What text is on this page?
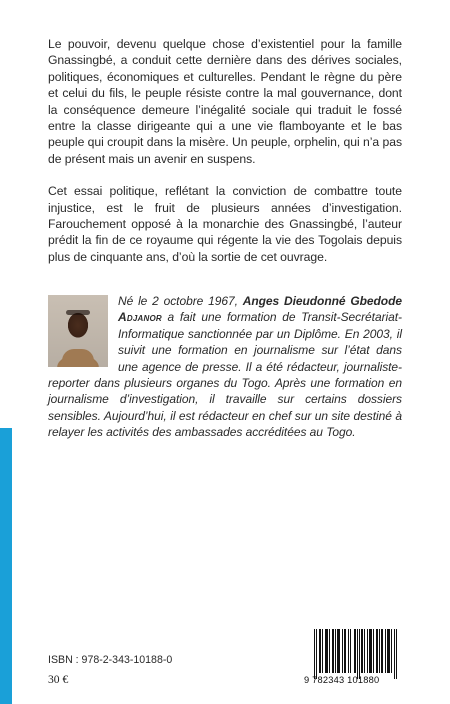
Le pouvoir, devenu quelque chose d’existentiel pour la famille Gnassingbé, a conduit cette dernière dans des dérives sociales, politiques, économiques et culturelles. Pendant le règne du père et celui du fils, le peuple résiste contre la mal gouvernance, dont la conséquence demeure l’inégalité sociale qui traduit le fossé entre la classe dirigeante qui a une vie flamboyante et le bas peuple qui croupit dans la misère. Un peuple, orphelin, qui n’a pas de présent mais un avenir en suspens.

Cet essai politique, reflétant la conviction de combattre toute injustice, est le fruit de plusieurs années d’investigation. Farouchement opposé à la monarchie des Gnassingbé, l’auteur prédit la fin de ce royaume qui régente la vie des Togolais depuis plus de cinquante ans, d’où la sortie de cet ouvrage.

Né le 2 octobre 1967, Anges Dieudonné Gbedode Adjanor a fait une formation de Transit-Secrétariat-Informatique sanctionnée par un Diplôme. En 2003, il suivit une formation en journalisme sur l’état dans une agence de presse. Il a été rédacteur, journaliste-reporter dans plusieurs organes du Togo. Après une formation en journalisme d’investigation, il travaille sur certains dossiers sensibles. Aujourd’hui, il est rédacteur en chef sur un site destiné à relayer les activités des ambassades accréditées au Togo.

ISBN : 978-2-343-10188-0
30 €	9 782343 101880
